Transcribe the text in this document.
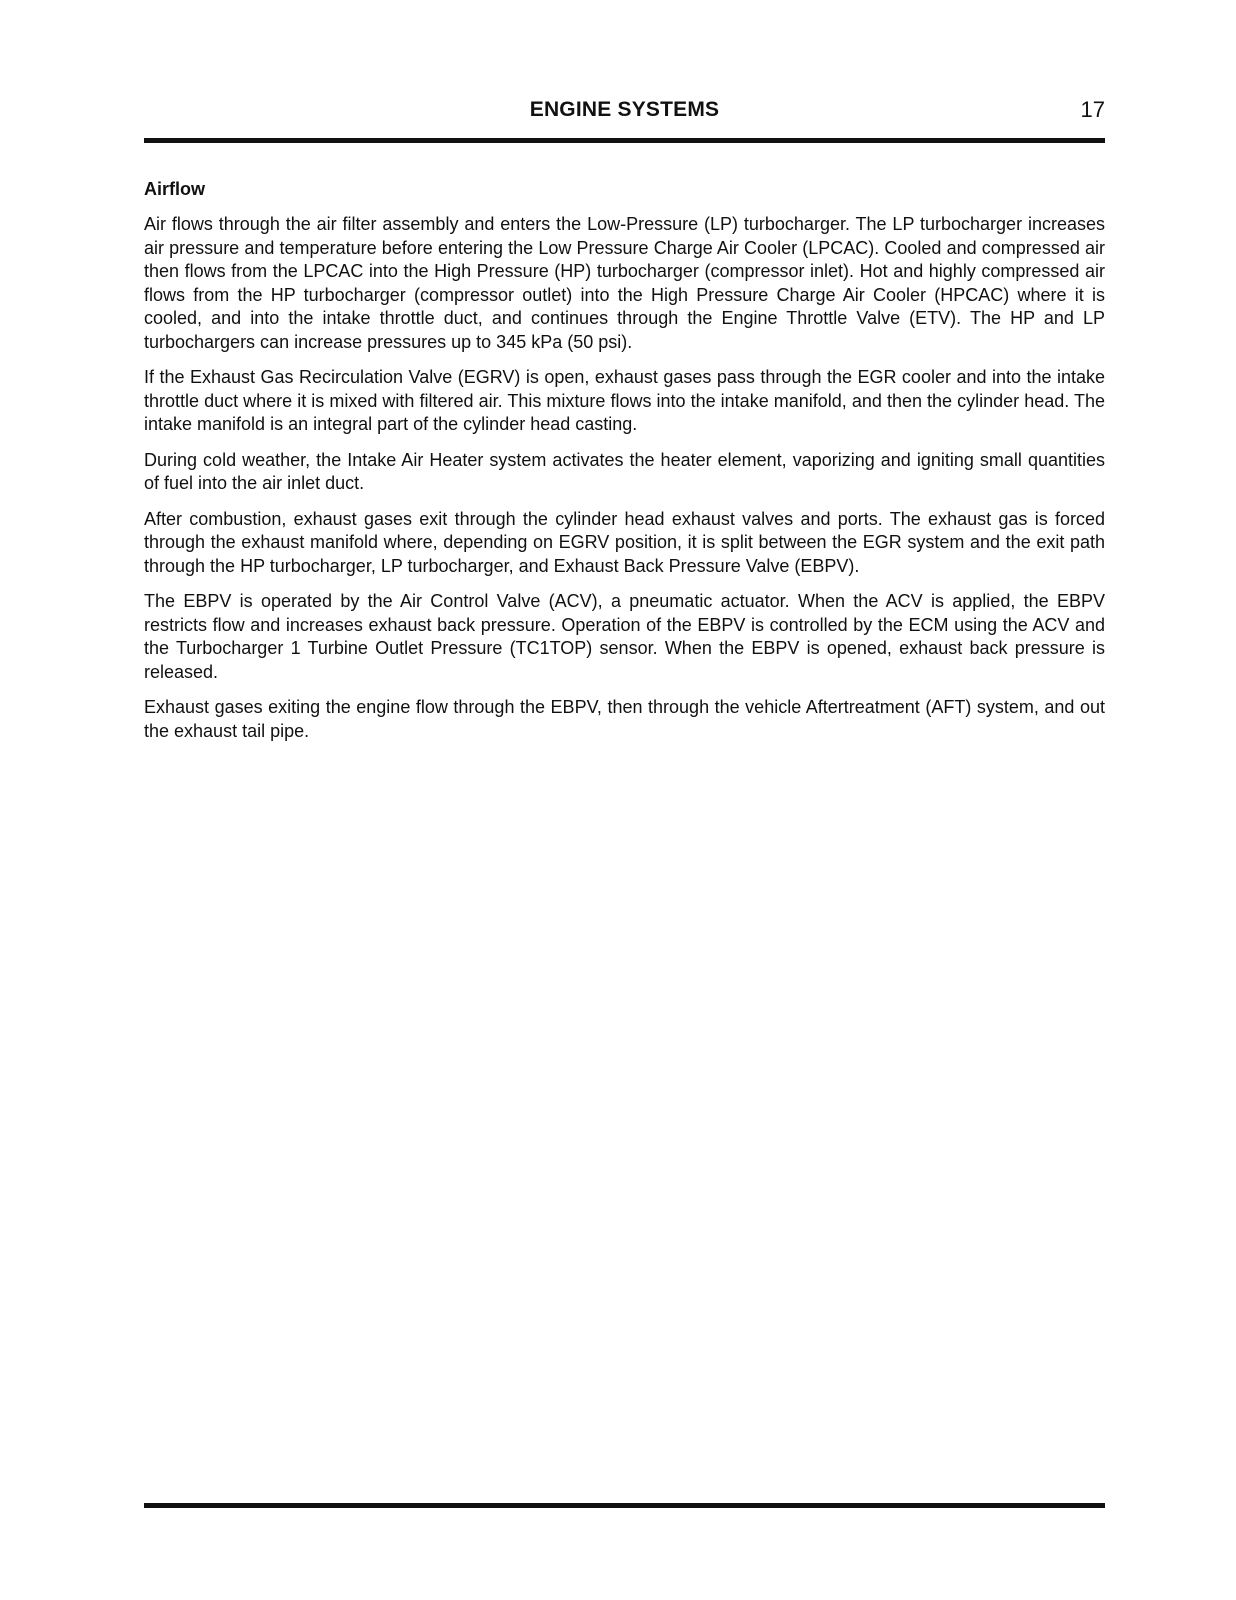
ENGINE SYSTEMS	17
Airflow

Air flows through the air filter assembly and enters the Low-Pressure (LP) turbocharger. The LP turbocharger increases air pressure and temperature before entering the Low Pressure Charge Air Cooler (LPCAC). Cooled and compressed air then flows from the LPCAC into the High Pressure (HP) turbocharger (compressor inlet). Hot and highly compressed air flows from the HP turbocharger (compressor outlet) into the High Pressure Charge Air Cooler (HPCAC) where it is cooled, and into the intake throttle duct, and continues through the Engine Throttle Valve (ETV). The HP and LP turbochargers can increase pressures up to 345 kPa (50 psi).

If the Exhaust Gas Recirculation Valve (EGRV) is open, exhaust gases pass through the EGR cooler and into the intake throttle duct where it is mixed with filtered air. This mixture flows into the intake manifold, and then the cylinder head. The intake manifold is an integral part of the cylinder head casting.

During cold weather, the Intake Air Heater system activates the heater element, vaporizing and igniting small quantities of fuel into the air inlet duct.

After combustion, exhaust gases exit through the cylinder head exhaust valves and ports. The exhaust gas is forced through the exhaust manifold where, depending on EGRV position, it is split between the EGR system and the exit path through the HP turbocharger, LP turbocharger, and Exhaust Back Pressure Valve (EBPV).

The EBPV is operated by the Air Control Valve (ACV), a pneumatic actuator. When the ACV is applied, the EBPV restricts flow and increases exhaust back pressure. Operation of the EBPV is controlled by the ECM using the ACV and the Turbocharger 1 Turbine Outlet Pressure (TC1TOP) sensor. When the EBPV is opened, exhaust back pressure is released.

Exhaust gases exiting the engine flow through the EBPV, then through the vehicle Aftertreatment (AFT) system, and out the exhaust tail pipe.
